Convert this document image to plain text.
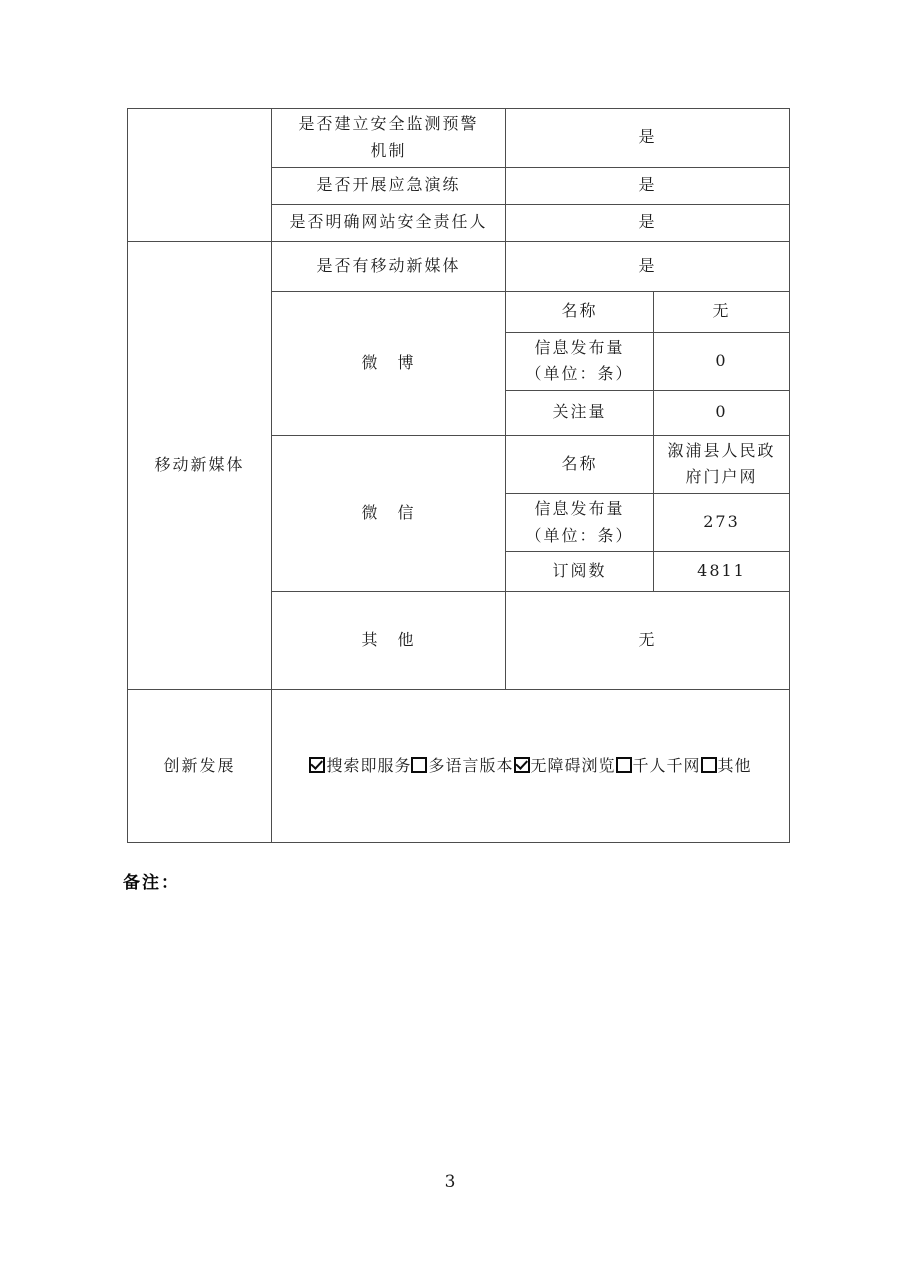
	是否建立安全监测预警机制	是	
	是否开展应急演练	是	
	是否明确网站安全责任人	是	
移动新媒体	是否有移动新媒体	是	
	微　博	名称	无

		信息发布量
（单位：条）	0
		关注量	0
	微　信	名称	溆浦县人民政府门户网

		信息发布量
（单位：条）	273
		订阅数	4811
	其　他	无	
创新发展	搜索即服务 多语言版本 无障碍浏览 千人千网 其他		
备注：
3
